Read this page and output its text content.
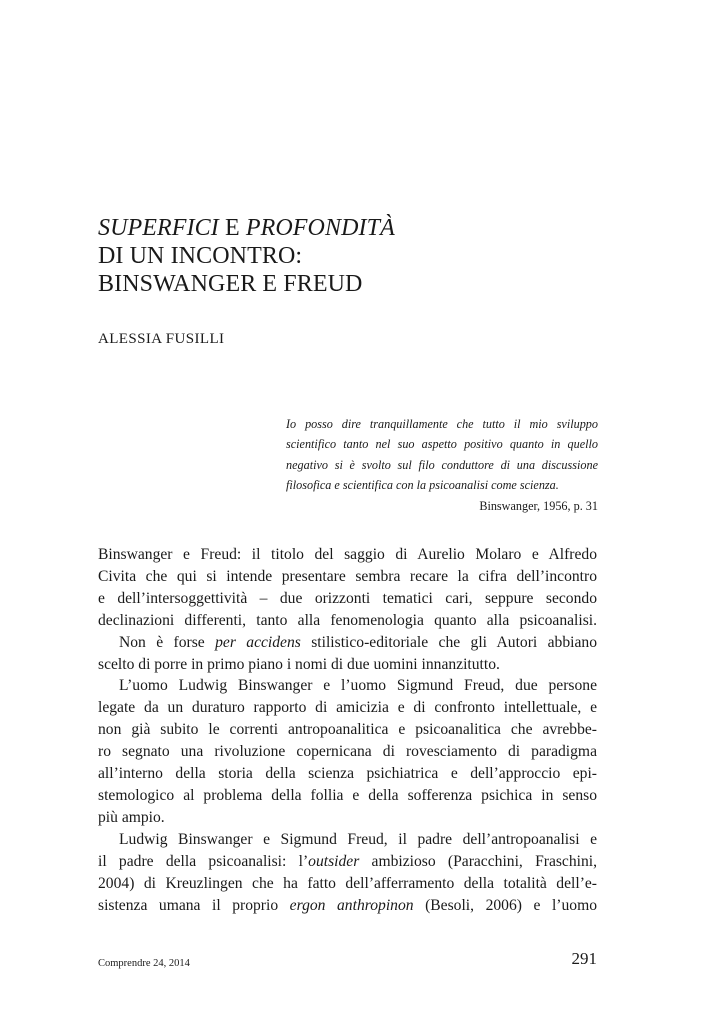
SUPERFICI E PROFONDITÀ
DI UN INCONTRO:
BINSWANGER E FREUD

ALESSIA FUSILLI

Io posso dire tranquillamente che tutto il mio sviluppo
scientifico tanto nel suo aspetto positivo quanto in quello
negativo si è svolto sul filo conduttore di una discussione
filosofica e scientifica con la psicoanalisi come scienza.
Binswanger, 1956, p. 31
Binswanger e Freud: il titolo del saggio di Aurelio Molaro e Alfredo
Civita che qui si intende presentare sembra recare la cifra dell’incontro
e dell’intersoggettività – due orizzonti tematici cari, seppure secondo
declinazioni differenti, tanto alla fenomenologia quanto alla psicoanalisi.
Non è forse per accidens stilistico-editoriale che gli Autori abbiano
scelto di porre in primo piano i nomi di due uomini innanzitutto.
L’uomo Ludwig Binswanger e l’uomo Sigmund Freud, due persone
legate da un duraturo rapporto di amicizia e di confronto intellettuale, e
non già subito le correnti antropoanalitica e psicoanalitica che avrebbe-
ro segnato una rivoluzione copernicana di rovesciamento di paradigma
all’interno della storia della scienza psichiatrica e dell’approccio epi-
stemologico al problema della follia e della sofferenza psichica in senso
più ampio.
Ludwig Binswanger e Sigmund Freud, il padre dell’antropoanalisi e
il padre della psicoanalisi: l’outsider ambizioso (Paracchini, Fraschini,
2004) di Kreuzlingen che ha fatto dell’afferramento della totalità dell’e-
sistenza umana il proprio ergon anthropinon (Besoli, 2006) e l’uomo
Comprendre 24, 2014	291
